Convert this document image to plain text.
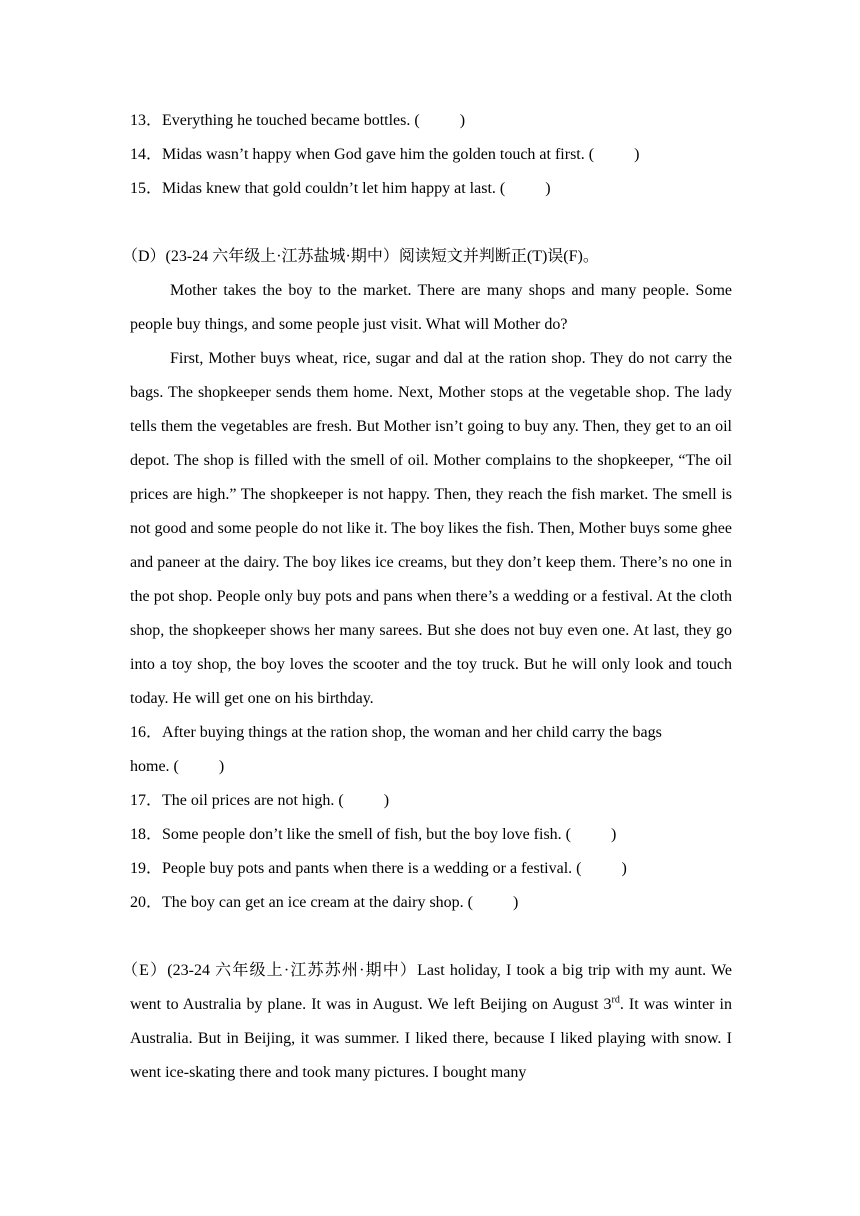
13．Everything he touched became bottles. (	)
14．Midas wasn’t happy when God gave him the golden touch at first. (	)
15．Midas knew that gold couldn’t let him happy at last. (	)
（D）(23-24 六年级上·江苏盐城·期中）阅读短文并判断正(T)误(F)。
Mother takes the boy to the market. There are many shops and many people. Some people buy things, and some people just visit. What will Mother do?
First, Mother buys wheat, rice, sugar and dal at the ration shop. They do not carry the bags. The shopkeeper sends them home. Next, Mother stops at the vegetable shop. The lady tells them the vegetables are fresh. But Mother isn’t going to buy any. Then, they get to an oil depot. The shop is filled with the smell of oil. Mother complains to the shopkeeper, “The oil prices are high.” The shopkeeper is not happy. Then, they reach the fish market. The smell is not good and some people do not like it. The boy likes the fish. Then, Mother buys some ghee and paneer at the dairy. The boy likes ice creams, but they don’t keep them. There’s no one in the pot shop. People only buy pots and pans when there’s a wedding or a festival. At the cloth shop, the shopkeeper shows her many sarees. But she does not buy even one. At last, they go into a toy shop, the boy loves the scooter and the toy truck. But he will only look and touch today. He will get one on his birthday.
16．After buying things at the ration shop, the woman and her child carry the bags
home. (	)
17．The oil prices are not high. (	)
18．Some people don’t like the smell of fish, but the boy love fish. (	)
19．People buy pots and pants when there is a wedding or a festival. (	)
20．The boy can get an ice cream at the dairy shop. (	)
（E）(23-24 六年级上·江苏苏州·期中）Last holiday, I took a big trip with my aunt. We went to Australia by plane. It was in August. We left Beijing on August 3rd. It was winter in Australia. But in Beijing, it was summer. I liked there, because I liked playing with snow. I went ice-skating there and took many pictures. I bought many
